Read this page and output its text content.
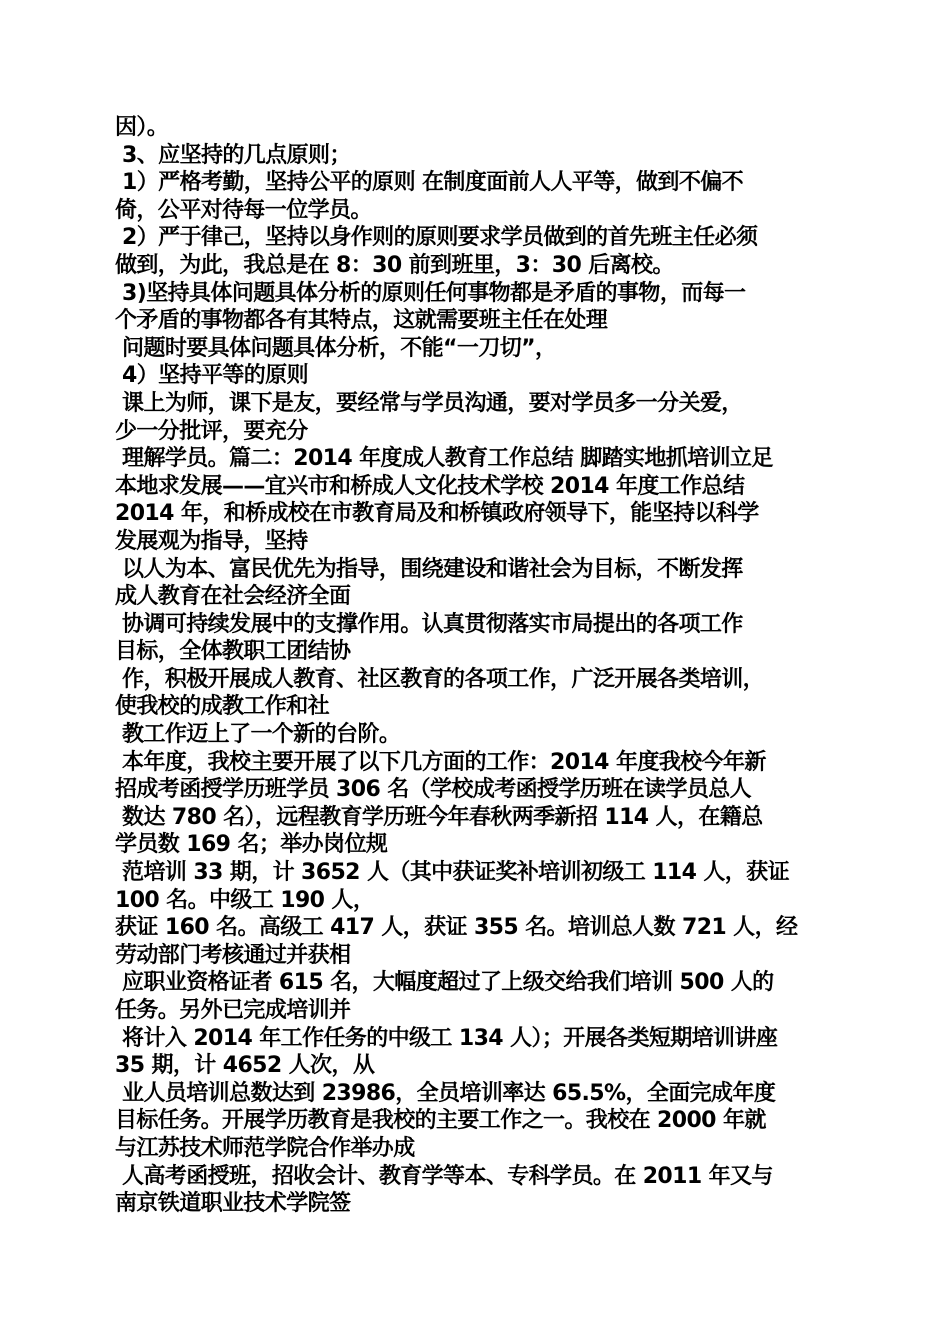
因）。
3、应坚持的几点原则；
1）严格考勤，坚持公平的原则 在制度面前人人平等，做到不偏不
倚，公平对待每一位学员。
2）严于律己，坚持以身作则的原则要求学员做到的首先班主任必须
做到，为此，我总是在 8：30 前到班里，3：30 后离校。
3)坚持具体问题具体分析的原则任何事物都是矛盾的事物，而每一
个矛盾的事物都各有其特点，这就需要班主任在处理
问题时要具体问题具体分析，不能“一刀切”，
4）坚持平等的原则
课上为师，课下是友，要经常与学员沟通，要对学员多一分关爱，
少一分批评，要充分
理解学员。篇二：2014 年度成人教育工作总结 脚踏实地抓培训立足
本地求发展——宜兴市和桥成人文化技术学校 2014 年度工作总结
2014 年，和桥成校在市教育局及和桥镇政府领导下，能坚持以科学
发展观为指导，坚持
以人为本、富民优先为指导，围绕建设和谐社会为目标，不断发挥
成人教育在社会经济全面
协调可持续发展中的支撑作用。认真贯彻落实市局提出的各项工作
目标，全体教职工团结协
作，积极开展成人教育、社区教育的各项工作，广泛开展各类培训，
使我校的成教工作和社
教工作迈上了一个新的台阶。
本年度，我校主要开展了以下几方面的工作：2014 年度我校今年新
招成考函授学历班学员 306 名（学校成考函授学历班在读学员总人
数达 780 名），远程教育学历班今年春秋两季新招 114 人，在籍总
学员数 169 名；举办岗位规
范培训 33 期，计 3652 人（其中获证奖补培训初级工 114 人，获证
100 名。中级工 190 人，
获证 160 名。高级工 417 人，获证 355 名。培训总人数 721 人，经
劳动部门考核通过并获相
应职业资格证者 615 名，大幅度超过了上级交给我们培训 500 人的
任务。另外已完成培训并
将计入 2014 年工作任务的中级工 134 人）；开展各类短期培训讲座
35 期，计 4652 人次，从
业人员培训总数达到 23986，全员培训率达 65.5%，全面完成年度
目标任务。开展学历教育是我校的主要工作之一。我校在 2000 年就
与江苏技术师范学院合作举办成
人高考函授班，招收会计、教育学等本、专科学员。在 2011 年又与
南京铁道职业技术学院签
